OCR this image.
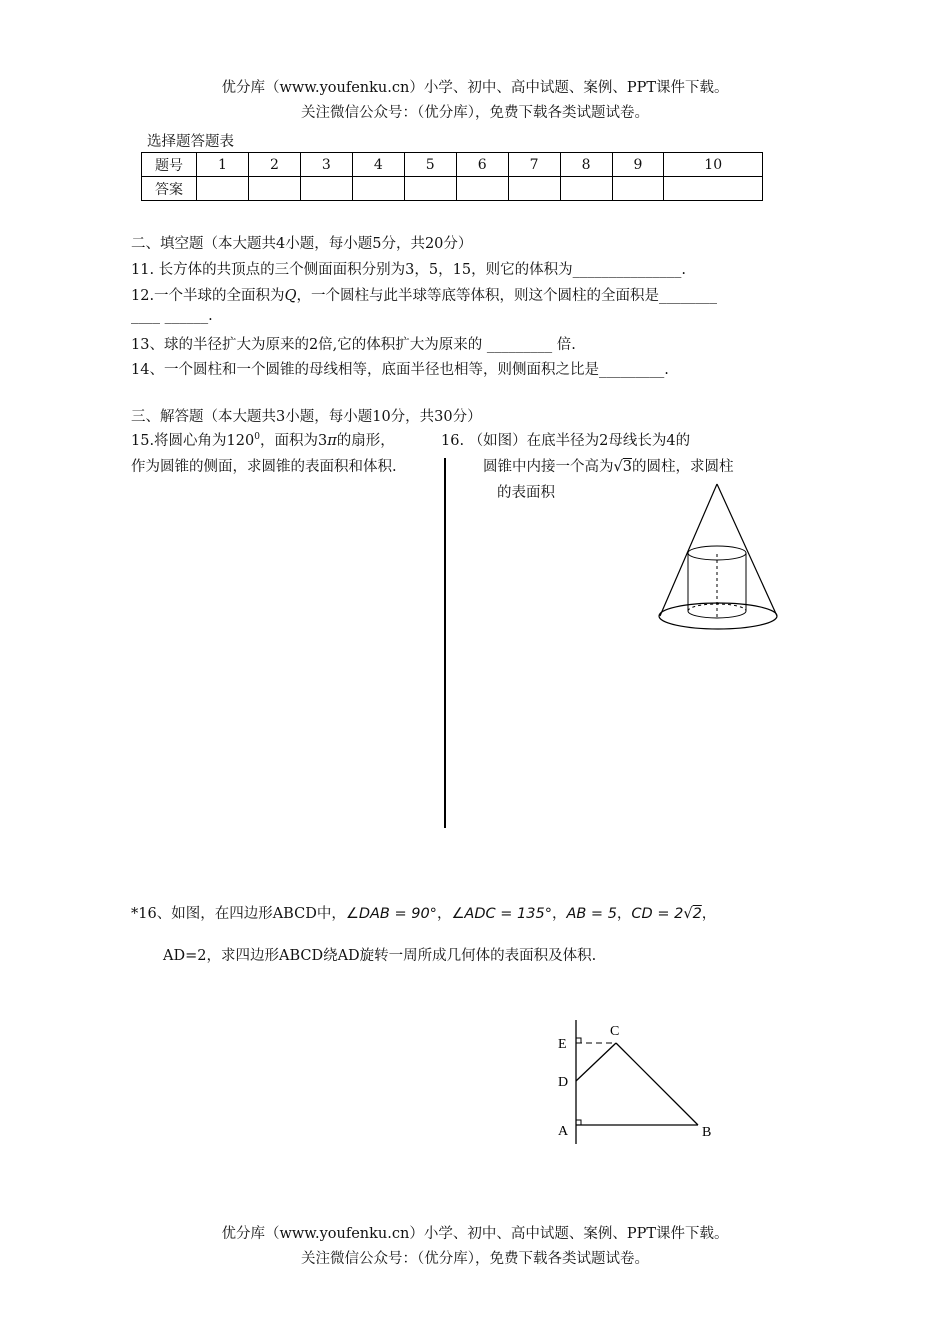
优分库（www.youfenku.cn）小学、初中、高中试题、案例、PPT课件下载。
关注微信公众号：（优分库），免费下载各类试题试卷。
选择题答题表
题号	1	2	3	4	5	6	7	8	9	10
答案										
二、填空题（本大题共4小题，每小题5分，共20分）
11. 长方体的共顶点的三个侧面面积分别为3，5，15，则它的体积为_______________.
12.一个半球的全面积为Q，一个圆柱与此半球等底等体积，则这个圆柱的全面积是________
____ ______.
13、球的半径扩大为原来的2倍,它的体积扩大为原来的 _________ 倍.
14、一个圆柱和一个圆锥的母线相等，底面半径也相等，则侧面积之比是_________.
三、解答题（本大题共3小题，每小题10分，共30分）
15.将圆心角为$120^0$，面积为3π的扇形，
作为圆锥的侧面，求圆锥的表面积和体积.
16. （如图）在底半径为2母线长为4的
圆锥中内接一个高为√3的圆柱，求圆柱
的表面积
*16、如图，在四边形ABCD中，∠DAB = 90°，∠ADC = 135°，AB = 5，CD = 2√2，
AD=2，求四边形ABCD绕AD旋转一周所成几何体的表面积及体积.
E
C
D
A	B
优分库（www.youfenku.cn）小学、初中、高中试题、案例、PPT课件下载。
关注微信公众号：（优分库），免费下载各类试题试卷。
